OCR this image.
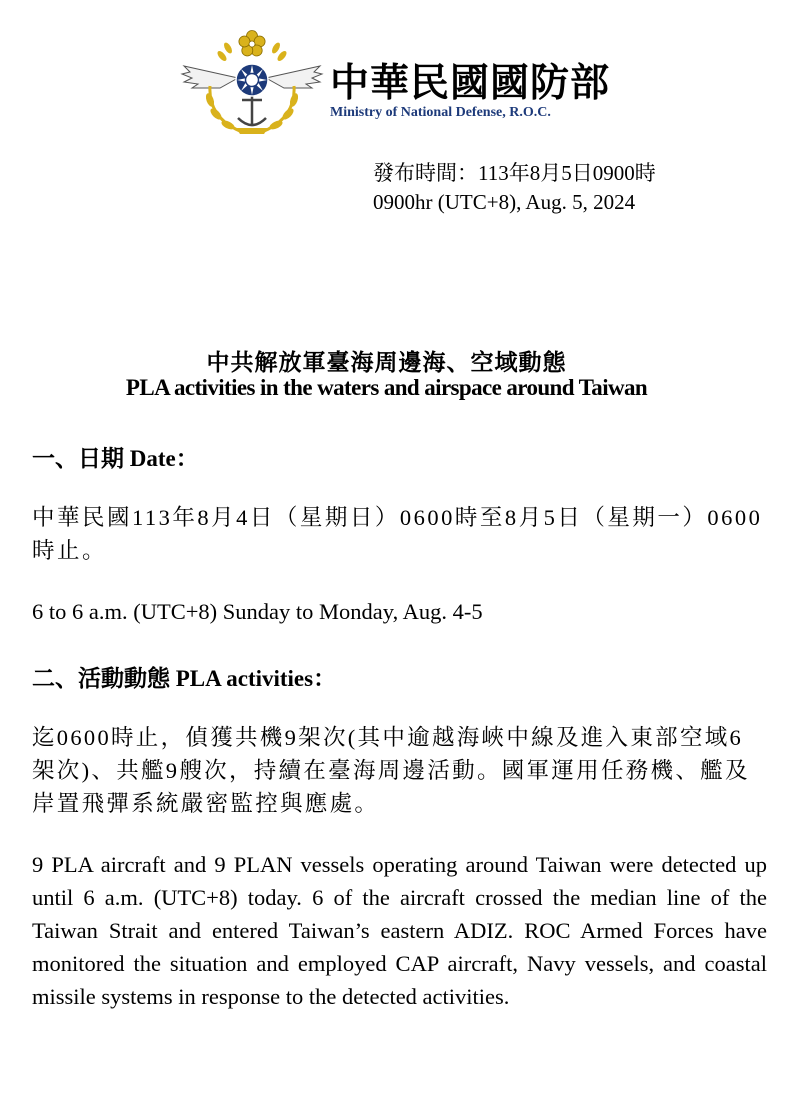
中華民國國防部
Ministry of National Defense, R.O.C.
發布時間：113年8月5日0900時
0900hr (UTC+8), Aug. 5, 2024
中共解放軍臺海周邊海、空域動態
PLA activities in the waters and airspace around Taiwan
一、日期 Date：
中華民國113年8月4日（星期日）0600時至8月5日（星期一）0600時止。
6 to 6 a.m. (UTC+8) Sunday to Monday, Aug. 4-5
二、活動動態 PLA activities：
迄0600時止，偵獲共機9架次(其中逾越海峽中線及進入東部空域6架次)、共艦9艘次，持續在臺海周邊活動。國軍運用任務機、艦及岸置飛彈系統嚴密監控與應處。
9 PLA aircraft and 9 PLAN vessels operating around Taiwan were detected up until 6 a.m. (UTC+8) today. 6 of the aircraft crossed the median line of the Taiwan Strait and entered Taiwan’s eastern ADIZ. ROC Armed Forces have monitored the situation and employed CAP aircraft, Navy vessels, and coastal missile systems in response to the detected activities.
